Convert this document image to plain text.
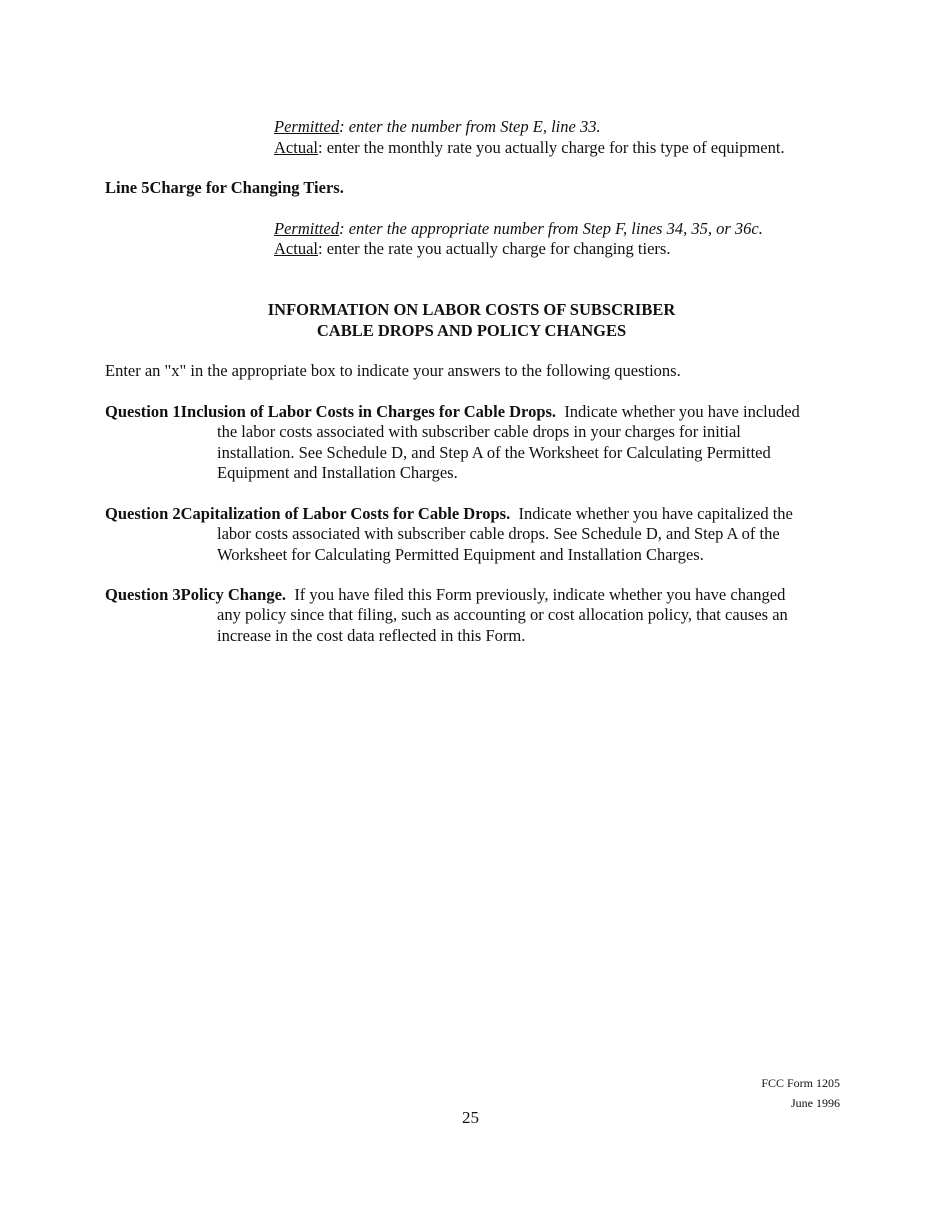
Permitted: enter the number from Step E, line 33.
Actual: enter the monthly rate you actually charge for this type of equipment.
Line 5Charge for Changing Tiers.
Permitted: enter the appropriate number from Step F, lines 34, 35, or 36c.
Actual: enter the rate you actually charge for changing tiers.
INFORMATION ON LABOR COSTS OF SUBSCRIBER
CABLE DROPS AND POLICY CHANGES
Enter an "x" in the appropriate box to indicate your answers to the following questions.
Question 1Inclusion of Labor Costs in Charges for Cable Drops. Indicate whether you have included
the labor costs associated with subscriber cable drops in your charges for initial
installation. See Schedule D, and Step A of the Worksheet for Calculating Permitted
Equipment and Installation Charges.
Question 2Capitalization of Labor Costs for Cable Drops. Indicate whether you have capitalized the
labor costs associated with subscriber cable drops. See Schedule D, and Step A of the
Worksheet for Calculating Permitted Equipment and Installation Charges.
Question 3Policy Change. If you have filed this Form previously, indicate whether you have changed
any policy since that filing, such as accounting or cost allocation policy, that causes an
increase in the cost data reflected in this Form.
FCC Form 1205
June 1996
25
